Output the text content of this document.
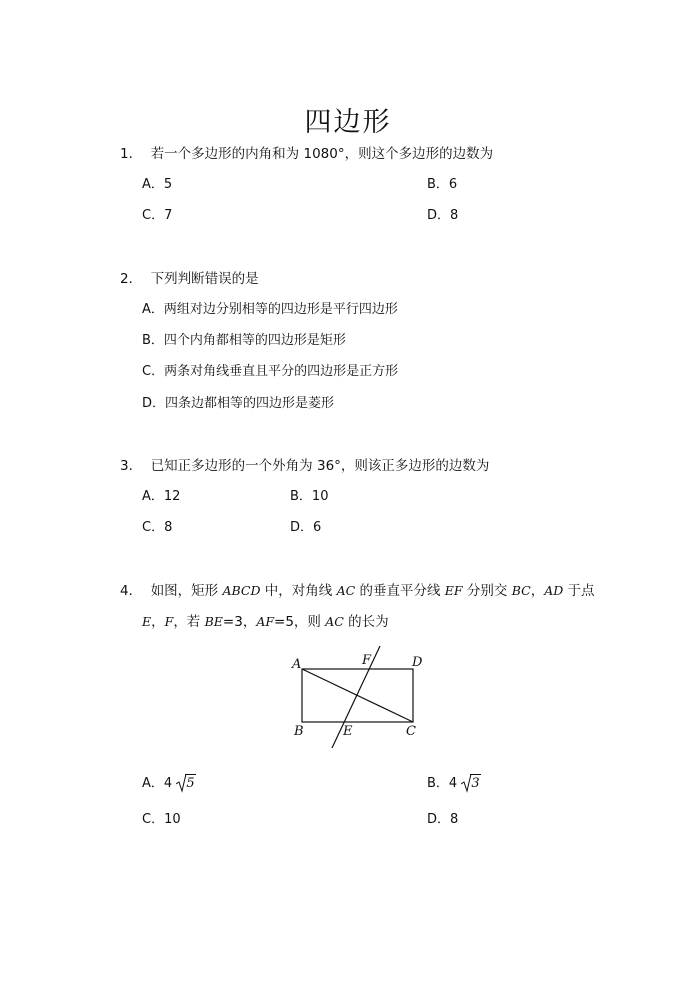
四边形
1． 若一个多边形的内角和为 1080°，则这个多边形的边数为
A．5	B．6
C．7	D．8
2． 下列判断错误的是
A．两组对边分别相等的四边形是平行四边形
B．四个内角都相等的四边形是矩形
C．两条对角线垂直且平分的四边形是正方形
D．四条边都相等的四边形是菱形
3． 已知正多边形的一个外角为 36°，则该正多边形的边数为
A．12	B．10
C．8	D．6
4． 如图，矩形 ABCD 中，对角线 AC 的垂直平分线 EF 分别交 BC，AD 于点
E，F，若 BE=3，AF=5，则 AC 的长为
A	F	D
B	E	C
A．4 5	B．4 3
C．10	D．8
